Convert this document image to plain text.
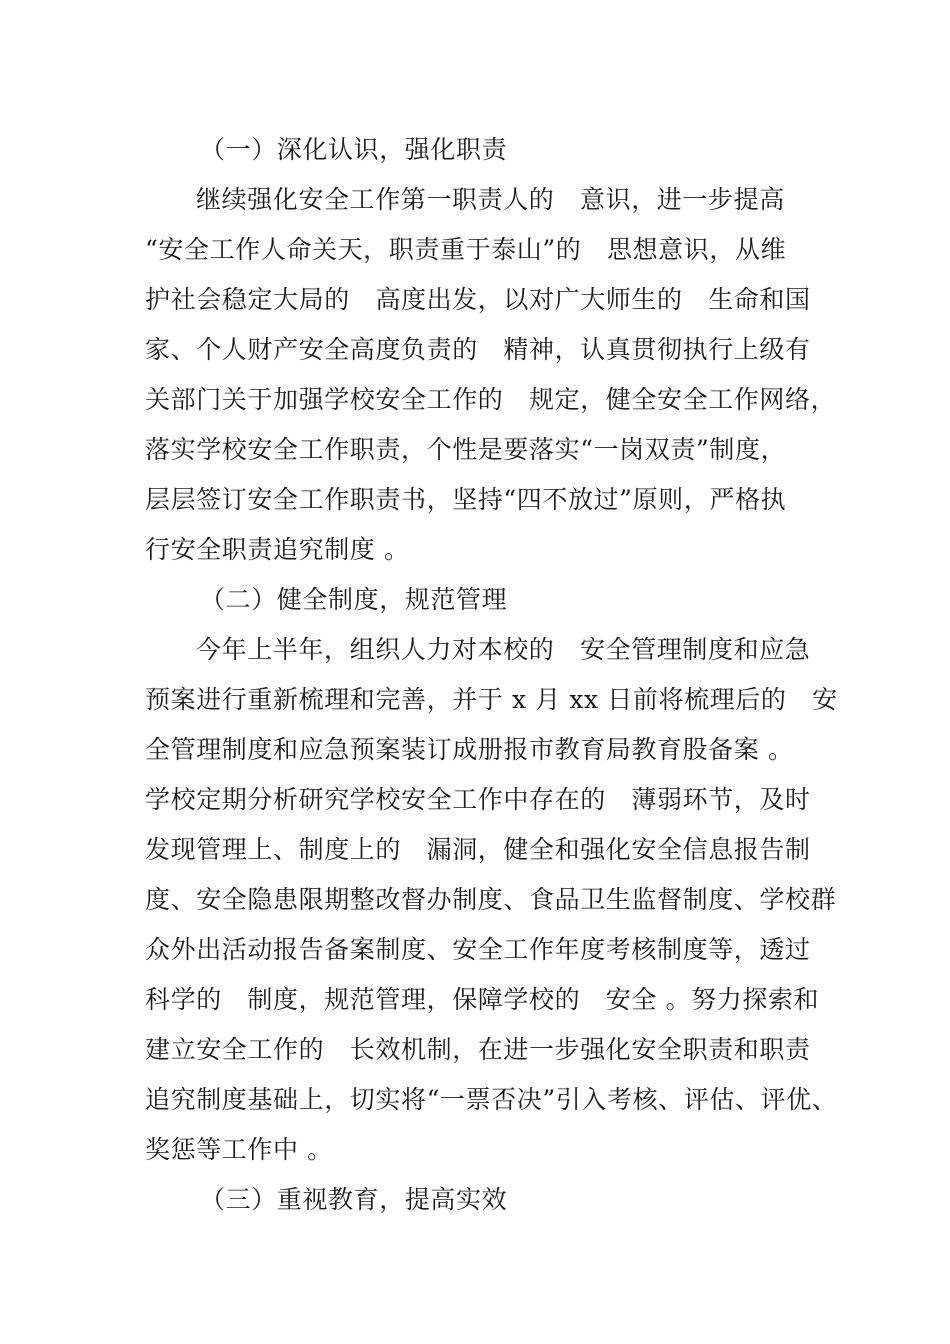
（一）深化认识，强化职责
继续强化安全工作第一职责人的　意识，进一步提高
“安全工作人命关天，职责重于泰山”的　思想意识，从维
护社会稳定大局的　高度出发，以对广大师生的　生命和国
家、个人财产安全高度负责的　精神，认真贯彻执行上级有
关部门关于加强学校安全工作的　规定，健全安全工作网络，
落实学校安全工作职责，个性是要落实“一岗双责”制度，
层层签订安全工作职责书，坚持“四不放过”原则，严格执
行安全职责追究制度 。
（二）健全制度，规范管理
今年上半年，组织人力对本校的　安全管理制度和应急
预案进行重新梳理和完善，并于 x 月 xx 日前将梳理后的　安
全管理制度和应急预案装订成册报市教育局教育股备案 。
学校定期分析研究学校安全工作中存在的　薄弱环节，及时
发现管理上、制度上的　漏洞，健全和强化安全信息报告制
度、安全隐患限期整改督办制度、食品卫生监督制度、学校群
众外出活动报告备案制度、安全工作年度考核制度等，透过
科学的　制度，规范管理，保障学校的　安全 。努力探索和
建立安全工作的　长效机制，在进一步强化安全职责和职责
追究制度基础上，切实将“一票否决”引入考核、评估、评优、
奖惩等工作中 。
（三）重视教育，提高实效
